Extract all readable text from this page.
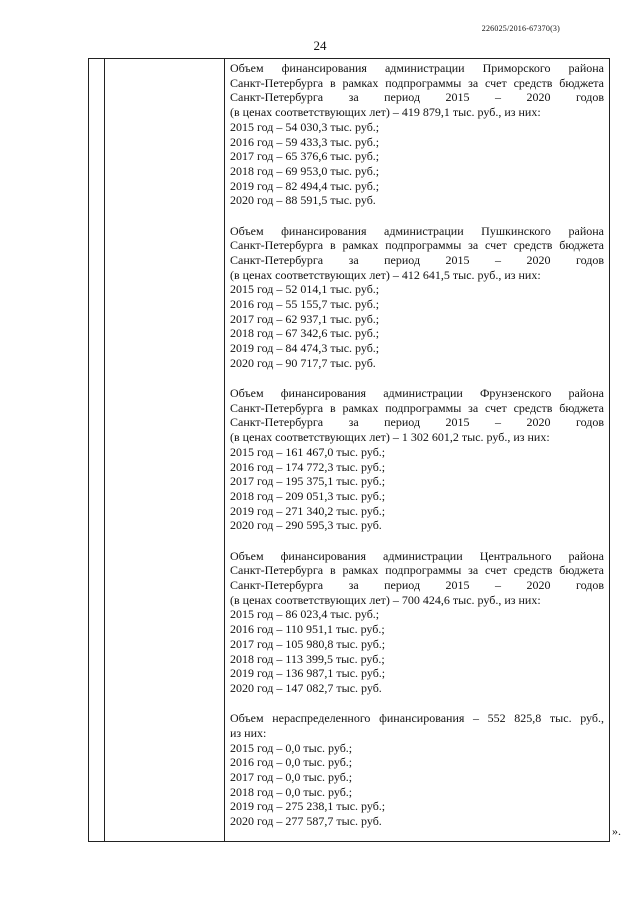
226025/2016-67370(3)
24
Объем финансирования администрации Приморского района
Санкт-Петербурга в рамках подпрограммы за счет средств бюджета
Санкт-Петербурга за период 2015 – 2020 годов
(в ценах соответствующих лет) – 419 879,1 тыс. руб., из них:
2015 год – 54 030,3 тыс. руб.;
2016 год – 59 433,3 тыс. руб.;
2017 год – 65 376,6 тыс. руб.;
2018 год – 69 953,0 тыс. руб.;
2019 год – 82 494,4 тыс. руб.;
2020 год – 88 591,5 тыс. руб.
Объем финансирования администрации Пушкинского района
Санкт-Петербурга в рамках подпрограммы за счет средств бюджета
Санкт-Петербурга за период 2015 – 2020 годов
(в ценах соответствующих лет) – 412 641,5 тыс. руб., из них:
2015 год – 52 014,1 тыс. руб.;
2016 год – 55 155,7 тыс. руб.;
2017 год – 62 937,1 тыс. руб.;
2018 год – 67 342,6 тыс. руб.;
2019 год – 84 474,3 тыс. руб.;
2020 год – 90 717,7 тыс. руб.
Объем финансирования администрации Фрунзенского района
Санкт-Петербурга в рамках подпрограммы за счет средств бюджета
Санкт-Петербурга за период 2015 – 2020 годов
(в ценах соответствующих лет) – 1 302 601,2 тыс. руб., из них:
2015 год – 161 467,0 тыс. руб.;
2016 год – 174 772,3 тыс. руб.;
2017 год – 195 375,1 тыс. руб.;
2018 год – 209 051,3 тыс. руб.;
2019 год – 271 340,2 тыс. руб.;
2020 год – 290 595,3 тыс. руб.
Объем финансирования администрации Центрального района
Санкт-Петербурга в рамках подпрограммы за счет средств бюджета
Санкт-Петербурга за период 2015 – 2020 годов
(в ценах соответствующих лет) – 700 424,6 тыс. руб., из них:
2015 год – 86 023,4 тыс. руб.;
2016 год – 110 951,1 тыс. руб.;
2017 год – 105 980,8 тыс. руб.;
2018 год – 113 399,5 тыс. руб.;
2019 год – 136 987,1 тыс. руб.;
2020 год – 147 082,7 тыс. руб.
Объем нераспределенного финансирования – 552 825,8 тыс. руб.,
из них:
2015 год – 0,0 тыс. руб.;
2016 год – 0,0 тыс. руб.;
2017 год – 0,0 тыс. руб.;
2018 год – 0,0 тыс. руб.;
2019 год – 275 238,1 тыс. руб.;
2020 год – 277 587,7 тыс. руб.
».
